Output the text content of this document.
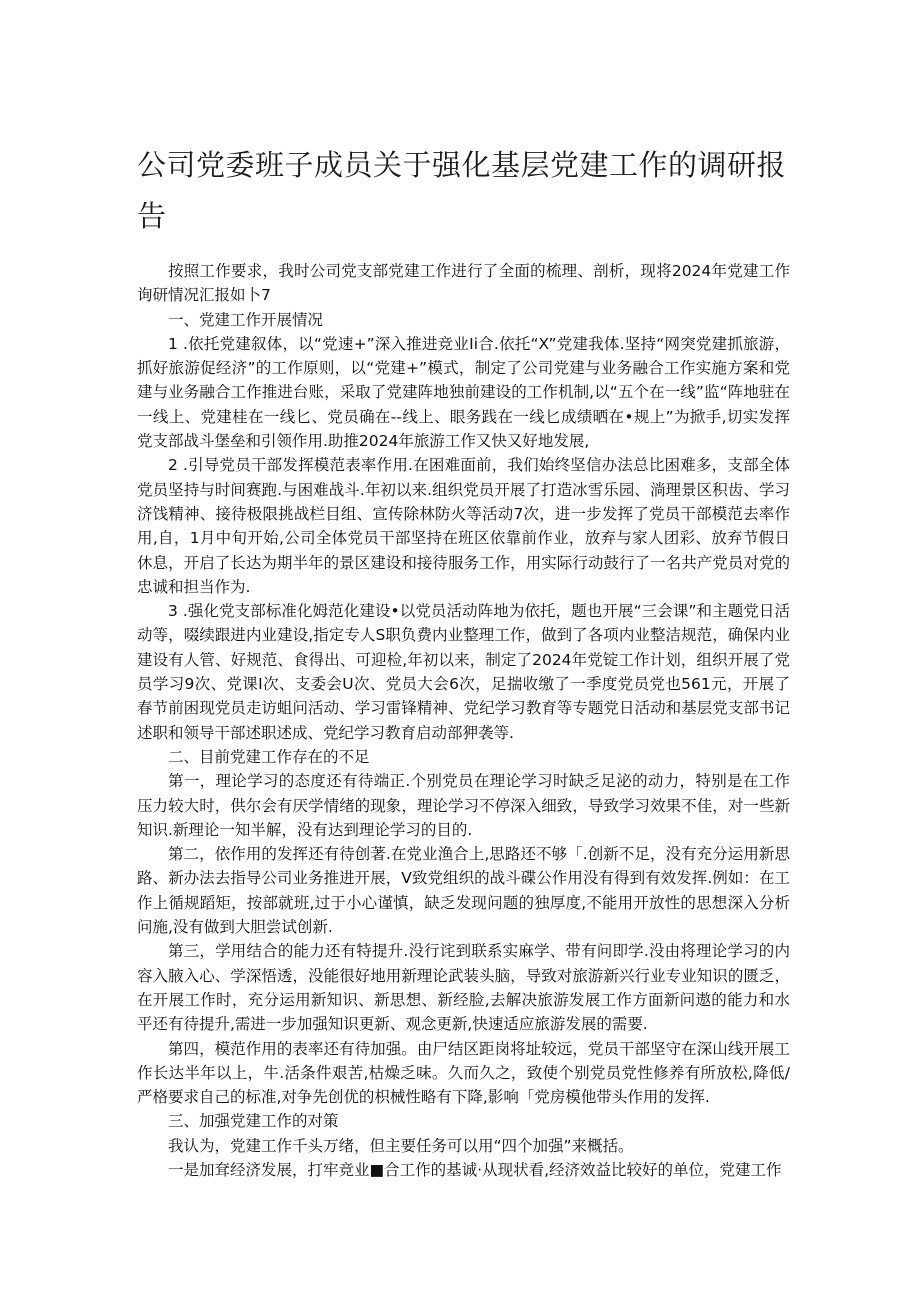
公司党委班子成员关于强化基层党建工作的调研报告

按照工作要求，我时公司党支部党建工作进行了全面的梳理、剖析，现将2024年党建工作询研情况汇报如卜7

一、党建工作开展情况

1 .依托党建叙体，以“党速+”深入推进竞业Ii合.依托“X”党建我体.坚持“网突党建抓旅游，抓好旅游促经济”的工作原则，以“党建+”模式，制定了公司党建与业务融合工作实施方案和党建与业务融合工作推进台账，采取了党建阵地独前建设的工作机制,以“五个在一线”监“阵地驻在一线上、党建桂在一线匕、党员确在--线上、眼务践在一线匕成绩晒在•规上”为掀手,切实发挥党支部战斗堡垒和引领作用.助推2024年旅游工作又快又好地发展,

2 .引导党员干部发挥模范表率作用.在困难面前，我们始终坚信办法总比困难多，支部全体党员坚持与时间赛跑.与困难战斗.年初以来.组织党员开展了打造冰雪乐园、淌理景区积齿、学习济饯精神、接待极限挑战栏目组、宣传除林防火等活动7次，进一步发挥了党员干部模范去率作用,自，1月中旬开始,公司全体党员干部坚持在班区依靠前作业，放弃与家人团彩、放弃节假日休息，开启了长达为期半年的景区建设和接待服务工作，用实际行动鼓行了一名共产党员对党的忠诚和担当作为.

3 .强化党支部标准化姆范化建设•以党员活动阵地为依托，题也开展“三会课”和主题党日活动等，啜续跟进内业建设,指定专人S职负费内业整理工作，做到了各项内业整洁规范，确保内业建设有人管、好规范、食得出、可迎检,年初以来，制定了2024年党锭工作计划，组织开展了党员学习9次、党课I次、支委会U次、党员大会6次，足揣收缴了一季度党员党也561元，开展了春节前困现党员走访蛆问活动、学习雷锋精神、党纪学习教育等专题党日活动和基层党支部书记述职和领导干部述职述成、党纪学习教育启动部狎袭等.

二、目前党建工作存在的不足

第一，理论学习的态度还有待端正.个别党员在理论学习时缺乏足泌的动力，特别是在工作压力较大时，供尔会有厌学情绪的现象，理论学习不停深入细致，导致学习效果不佳，对一些新知识.新理论一知半解，没有达到理论学习的目的.

第二，依作用的发挥还有待创著.在党业渔合上,思路还不够「.创新不足，没有充分运用新思路、新办法去指导公司业务推进开展，V致党组织的战斗碟公作用没有得到有效发挥.例如：在工作上循规蹈矩，按部就班,过于小心谨慎，缺乏发现问题的独厚度,不能用开放性的思想深入分析问施,没有做到大胆尝试创新.

第三，学用结合的能力还有特提升.没行诧到联系实麻学、带有问即学.没由将理论学习的内容入腋入心、学深悟透，没能很好地用新理论武装头脑，导致对旅游新兴行业专业知识的匮乏，在开展工作时，充分运用新知识、新思想、新经脸,去解决旅游发展工作方面新问遨的能力和水平还有待提升,需进一步加强知识更新、观念更新,快速适应旅游发展的需要.

第四，模范作用的表率还有待加强。由尸结区距岗将址较远，党员干部坚守在深山线开展工作长达半年以上，牛.活条件艰苦,枯燥乏味。久而久之，致使个别党员党性修养有所放松,降低/严格要求自己的标准,对争先创优的枳械性略有下降,影响「党房模他带头作用的发挥.

三、加强党建工作的对策

我认为，党建工作千头万绪，但主要任务可以用“四个加强”来概括。

一是加耷经济发展，打牢竞业■合工作的基诚·从现状看,经济效益比较好的单位，党建工作
